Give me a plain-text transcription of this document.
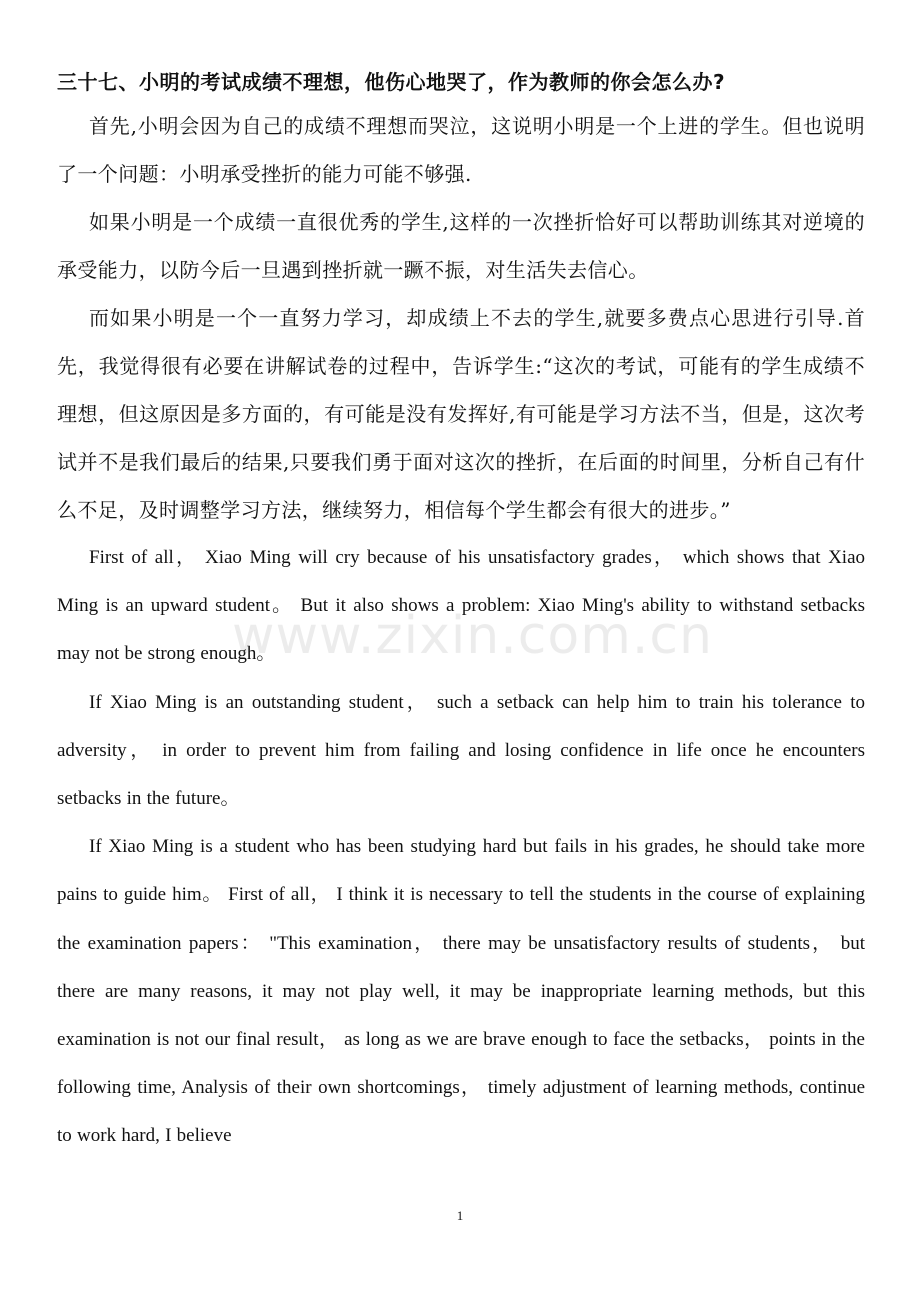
三十七、小明的考试成绩不理想，他伤心地哭了，作为教师的你会怎么办?

首先,小明会因为自己的成绩不理想而哭泣，这说明小明是一个上进的学生。但也说明了一个问题：小明承受挫折的能力可能不够强.

如果小明是一个成绩一直很优秀的学生,这样的一次挫折恰好可以帮助训练其对逆境的承受能力，以防今后一旦遇到挫折就一蹶不振，对生活失去信心。

而如果小明是一个一直努力学习，却成绩上不去的学生,就要多费点心思进行引导.首先，我觉得很有必要在讲解试卷的过程中，告诉学生:“这次的考试，可能有的学生成绩不理想，但这原因是多方面的，有可能是没有发挥好,有可能是学习方法不当，但是，这次考试并不是我们最后的结果,只要我们勇于面对这次的挫折，在后面的时间里，分析自己有什么不足，及时调整学习方法，继续努力，相信每个学生都会有很大的进步。”

First of all， Xiao Ming will cry because of his unsatisfactory grades， which shows that Xiao Ming is an upward student。 But it also shows a problem: Xiao Ming's ability to withstand setbacks may not be strong enough。

If Xiao Ming is an outstanding student， such a setback can help him to train his tolerance to adversity， in order to prevent him from failing and losing confidence in life once he encounters setbacks in the future。

If Xiao Ming is a student who has been studying hard but fails in his grades, he should take more pains to guide him。 First of all， I think it is necessary to tell the students in the course of explaining the examination papers： "This examination， there may be unsatisfactory results of students， but there are many reasons, it may not play well, it may be inappropriate learning methods, but this examination is not our final result， as long as we are brave enough to face the setbacks， points in the following time, Analysis of their own shortcomings， timely adjustment of learning methods, continue to work hard, I believe

www.zixin.com.cn
1
